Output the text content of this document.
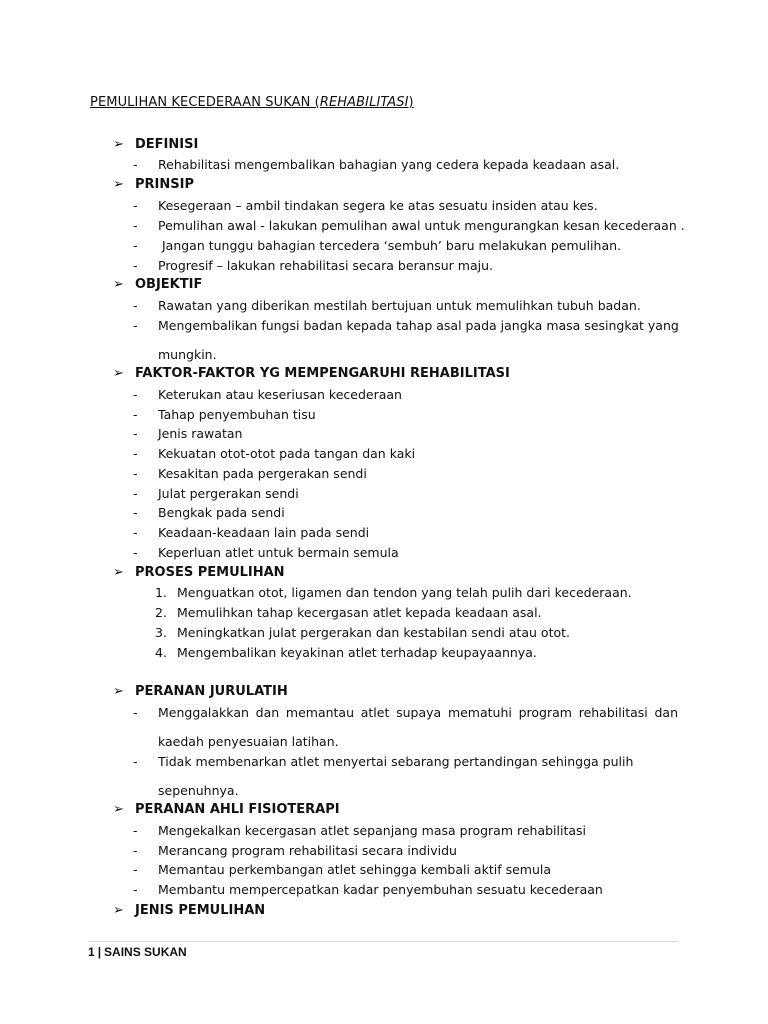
PEMULIHAN KECEDERAAN SUKAN (REHABILITASI)
➢ DEFINISI
- Rehabilitasi mengembalikan bahagian yang cedera kepada keadaan asal.
➢ PRINSIP
- Kesegeraan – ambil tindakan segera ke atas sesuatu insiden atau kes.
- Pemulihan awal - lakukan pemulihan awal untuk mengurangkan kesan kecederaan .
- Jangan tunggu bahagian tercedera ‘sembuh’ baru melakukan pemulihan.
- Progresif – lakukan rehabilitasi secara beransur maju.
➢ OBJEKTIF
- Rawatan yang diberikan mestilah bertujuan untuk memulihkan tubuh badan.
- Mengembalikan fungsi badan kepada tahap asal pada jangka masa sesingkat yang
mungkin.
➢ FAKTOR-FAKTOR YG MEMPENGARUHI REHABILITASI
- Keterukan atau keseriusan kecederaan
- Tahap penyembuhan tisu
- Jenis rawatan
- Kekuatan otot-otot pada tangan dan kaki
- Kesakitan pada pergerakan sendi
- Julat pergerakan sendi
- Bengkak pada sendi
- Keadaan-keadaan lain pada sendi
- Keperluan atlet untuk bermain semula
➢ PROSES PEMULIHAN
1. Menguatkan otot, ligamen dan tendon yang telah pulih dari kecederaan.
2. Memulihkan tahap kecergasan atlet kepada keadaan asal.
3. Meningkatkan julat pergerakan dan kestabilan sendi atau otot.
4. Mengembalikan keyakinan atlet terhadap keupayaannya.
➢ PERANAN JURULATIH
-	Menggalakkan dan memantau atlet supaya mematuhi program rehabilitasi dan
kaedah penyesuaian latihan.
- Tidak membenarkan atlet menyertai sebarang pertandingan sehingga pulih
sepenuhnya.
➢ PERANAN AHLI FISIOTERAPI
- Mengekalkan kecergasan atlet sepanjang masa program rehabilitasi
- Merancang program rehabilitasi secara individu
- Memantau perkembangan atlet sehingga kembali aktif semula
- Membantu mempercepatkan kadar penyembuhan sesuatu kecederaan
➢ JENIS PEMULIHAN
1 | SAINS SUKAN
